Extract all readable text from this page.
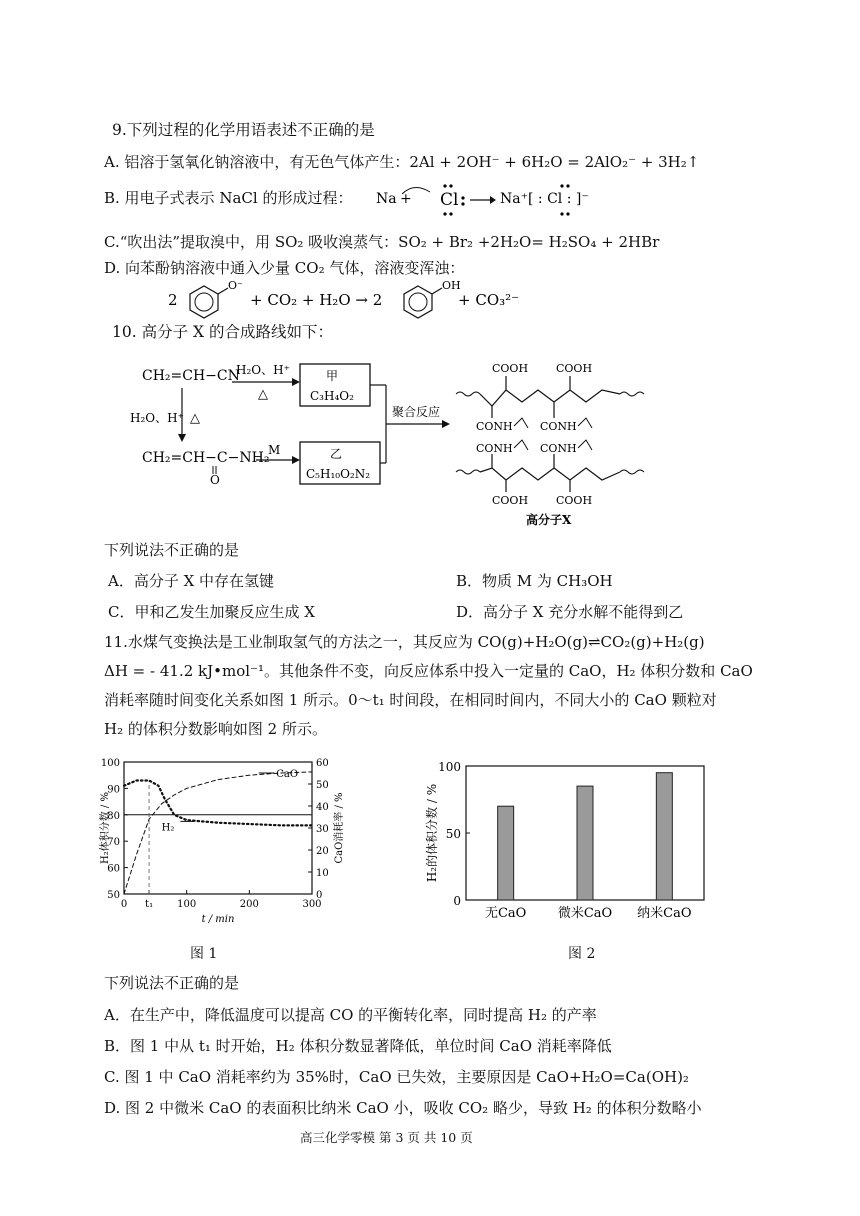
9.下列过程的化学用语表述不正确的是
A. 铝溶于氢氧化钠溶液中，有无色气体产生：2Al + 2OH⁻ + 6H₂O = 2AlO₂⁻ + 3H₂↑
B. 用电子式表示 NaCl 的形成过程： Na + Cl	Na⁺[ : Cl : ]⁻
C.“吹出法”提取溴中，用 SO₂ 吸收溴蒸气：SO₂ + Br₂ +2H₂O= H₂SO₄ + 2HBr
D. 向苯酚钠溶液中通入少量 CO₂ 气体，溶液变浑浊：
2
O⁻
+ CO₂ + H₂O → 2
OH
+ CO₃²⁻
10. 高分子 X 的合成路线如下：
CH₂=CH−CN
H₂O、H⁺
△
甲
C₃H₄O₂
H₂O、H⁺ △
CH₂=CH−C−NH₂
O
M	乙
C₅H₁₀O₂N₂
聚合反应
COOH	COOH
CONH CONH
CONH CONH
COOH	COOH
高分子X
下列说法不正确的是
A．高分子 X 中存在氢键	B．物质 M 为 CH₃OH
C．甲和乙发生加聚反应生成 X	D．高分子 X 充分水解不能得到乙
11.水煤气变换法是工业制取氢气的方法之一，其反应为 CO(g)+H₂O(g)⇌CO₂(g)+H₂(g)
ΔH = - 41.2 kJ•mol⁻¹。其他条件不变，向反应体系中投入一定量的 CaO，H₂ 体积分数和 CaO
消耗率随时间变化关系如图 1 所示。0～t₁ 时间段，在相同时间内，不同大小的 CaO 颗粒对
H₂ 的体积分数影响如图 2 所示。
50
60
70
80
90
100
0
10
20
30
40
50
60
0 t₁ 100	200	300
t / min
H₂体积分数 / %	CaO消耗率 / %
CaO
H₂
0
50
100
H₂的体积分数 / %
无CaO 微米CaO 纳米CaO
图 1	图 2
下列说法不正确的是
A．在生产中，降低温度可以提高 CO 的平衡转化率，同时提高 H₂ 的产率
B．图 1 中从 t₁ 时开始，H₂ 体积分数显著降低，单位时间 CaO 消耗率降低
C. 图 1 中 CaO 消耗率约为 35%时，CaO 已失效，主要原因是 CaO+H₂O=Ca(OH)₂
D. 图 2 中微米 CaO 的表面积比纳米 CaO 小，吸收 CO₂ 略少，导致 H₂ 的体积分数略小
高三化学零模 第 3 页 共 10 页
